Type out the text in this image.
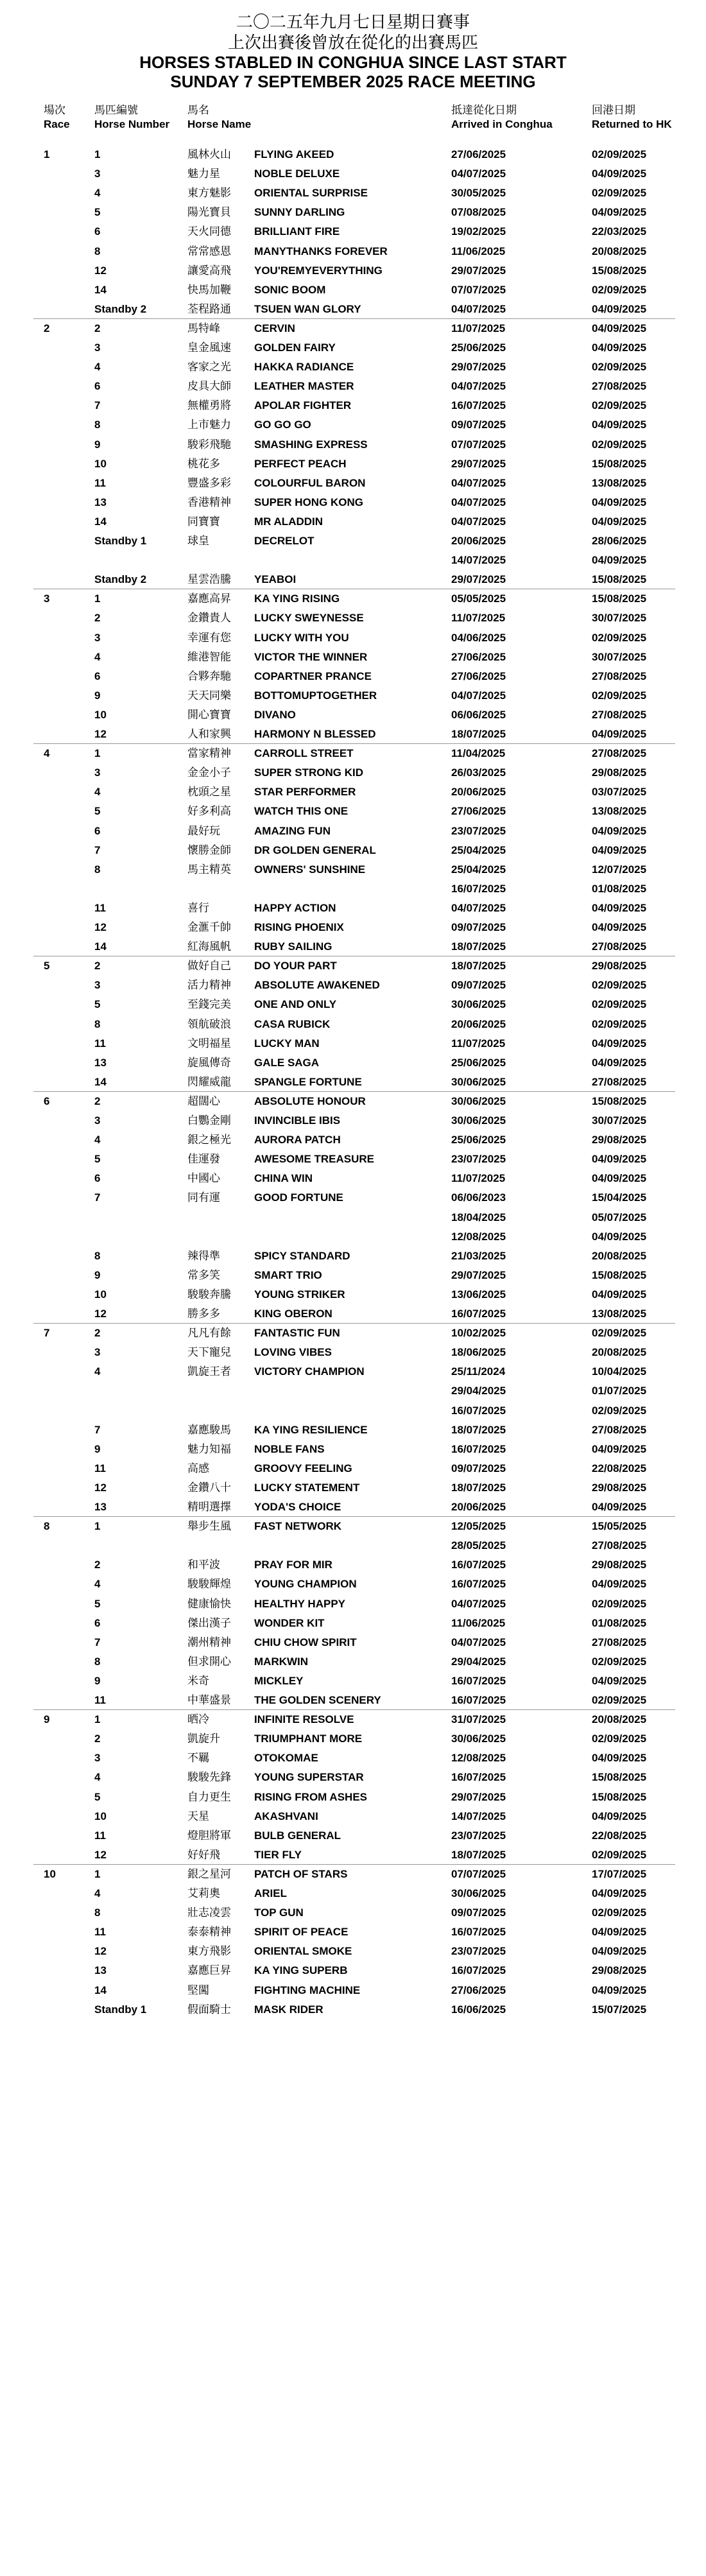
二〇二五年九月七日星期日賽事
上次出賽後曾放在從化的出賽馬匹
HORSES STABLED IN CONGHUA SINCE LAST START
SUNDAY 7 SEPTEMBER 2025 RACE MEETING
場次
Race
馬匹編號
Horse Number
馬名
Horse Name
抵達從化日期
Arrived in Conghua
回港日期
Returned to HK
1	1	風林火山 FLYING AKEED	27/06/2025	02/09/2025
3	魅力星	NOBLE DELUXE	04/07/2025	04/09/2025
4	東方魅影 ORIENTAL SURPRISE	30/05/2025	02/09/2025
5	陽光寶貝 SUNNY DARLING	07/08/2025	04/09/2025
6	天火同德 BRILLIANT FIRE	19/02/2025	22/03/2025
8	常常感恩 MANYTHANKS FOREVER	11/06/2025	20/08/2025
12	讓愛高飛 YOU'REMYEVERYTHING	29/07/2025	15/08/2025
14	快馬加鞭 SONIC BOOM	07/07/2025	02/09/2025
Standby 2	荃程路通 TSUEN WAN GLORY	04/07/2025	04/09/2025
2	2	馬特峰	CERVIN	11/07/2025	04/09/2025
3	皇金風速 GOLDEN FAIRY	25/06/2025	04/09/2025
4	客家之光 HAKKA RADIANCE	29/07/2025	02/09/2025
6	皮具大師 LEATHER MASTER	04/07/2025	27/08/2025
7	無權勇將 APOLAR FIGHTER	16/07/2025	02/09/2025
8	上市魅力 GO GO GO	09/07/2025	04/09/2025
9	駿彩飛馳 SMASHING EXPRESS	07/07/2025	02/09/2025
10	桃花多	PERFECT PEACH	29/07/2025	15/08/2025
11	豐盛多彩 COLOURFUL BARON	04/07/2025	13/08/2025
13	香港精神 SUPER HONG KONG	04/07/2025	04/09/2025
14	同寶寶	MR ALADDIN	04/07/2025	04/09/2025
Standby 1	球皇	DECRELOT	20/06/2025	28/06/2025
14/07/2025	04/09/2025
Standby 2	星雲浩騰 YEABOI	29/07/2025	15/08/2025
3	1	嘉應高昇 KA YING RISING	05/05/2025	15/08/2025
2	金鑽貴人 LUCKY SWEYNESSE	11/07/2025	30/07/2025
3	幸運有您 LUCKY WITH YOU	04/06/2025	02/09/2025
4	維港智能 VICTOR THE WINNER	27/06/2025	30/07/2025
6	合夥奔馳 COPARTNER PRANCE	27/06/2025	27/08/2025
9	天天同樂 BOTTOMUPTOGETHER	04/07/2025	02/09/2025
10	開心寶寶 DIVANO	06/06/2025	27/08/2025
12	人和家興 HARMONY N BLESSED	18/07/2025	04/09/2025
4	1	當家精神 CARROLL STREET	11/04/2025	27/08/2025
3	金金小子 SUPER STRONG KID	26/03/2025	29/08/2025
4	枕頭之星 STAR PERFORMER	20/06/2025	03/07/2025
5	好多利高 WATCH THIS ONE	27/06/2025	13/08/2025
6	最好玩	AMAZING FUN	23/07/2025	04/09/2025
7	懷勝金師 DR GOLDEN GENERAL	25/04/2025	04/09/2025
8	馬主精英 OWNERS' SUNSHINE	25/04/2025	12/07/2025
16/07/2025	01/08/2025
11	喜行	HAPPY ACTION	04/07/2025	04/09/2025
12	金滙千帥 RISING PHOENIX	09/07/2025	04/09/2025
14	紅海風帆 RUBY SAILING	18/07/2025	27/08/2025
5	2	做好自己 DO YOUR PART	18/07/2025	29/08/2025
3	活力精神 ABSOLUTE AWAKENED	09/07/2025	02/09/2025
5	至錢完美 ONE AND ONLY	30/06/2025	02/09/2025
8	領航破浪 CASA RUBICK	20/06/2025	02/09/2025
11	文明福星 LUCKY MAN	11/07/2025	04/09/2025
13	旋風傳奇 GALE SAGA	25/06/2025	04/09/2025
14	閃耀威龍 SPANGLE FORTUNE	30/06/2025	27/08/2025
6	2	超闊心	ABSOLUTE HONOUR	30/06/2025	15/08/2025
3	白鸚金剛 INVINCIBLE IBIS	30/06/2025	30/07/2025
4	銀之極光 AURORA PATCH	25/06/2025	29/08/2025
5	佳運發	AWESOME TREASURE	23/07/2025	04/09/2025
6	中國心	CHINA WIN	11/07/2025	04/09/2025
7	同有運	GOOD FORTUNE	06/06/2023	15/04/2025
18/04/2025	05/07/2025
12/08/2025	04/09/2025
8	辣得準	SPICY STANDARD	21/03/2025	20/08/2025
9	常多笑	SMART TRIO	29/07/2025	15/08/2025
10	駿駿奔騰 YOUNG STRIKER	13/06/2025	04/09/2025
12	勝多多	KING OBERON	16/07/2025	13/08/2025
7	2	凡凡有餘 FANTASTIC FUN	10/02/2025	02/09/2025
3	天下寵兒 LOVING VIBES	18/06/2025	20/08/2025
4	凱旋王者 VICTORY CHAMPION	25/11/2024	10/04/2025
29/04/2025	01/07/2025
16/07/2025	02/09/2025
7	嘉應駿馬 KA YING RESILIENCE	18/07/2025	27/08/2025
9	魅力知福 NOBLE FANS	16/07/2025	04/09/2025
11	高感	GROOVY FEELING	09/07/2025	22/08/2025
12	金鑽八十 LUCKY STATEMENT	18/07/2025	29/08/2025
13	精明選擇 YODA'S CHOICE	20/06/2025	04/09/2025
8	1	舉步生風 FAST NETWORK	12/05/2025	15/05/2025
28/05/2025	27/08/2025
2	和平波	PRAY FOR MIR	16/07/2025	29/08/2025
4	駿駿輝煌 YOUNG CHAMPION	16/07/2025	04/09/2025
5	健康愉快 HEALTHY HAPPY	04/07/2025	02/09/2025
6	傑出漢子 WONDER KIT	11/06/2025	01/08/2025
7	潮州精神 CHIU CHOW SPIRIT	04/07/2025	27/08/2025
8	但求開心 MARKWIN	29/04/2025	02/09/2025
9	米奇	MICKLEY	16/07/2025	04/09/2025
11	中華盛景 THE GOLDEN SCENERY	16/07/2025	02/09/2025
9	1	晒冷	INFINITE RESOLVE	31/07/2025	20/08/2025
2	凱旋升	TRIUMPHANT MORE	30/06/2025	02/09/2025
3	不羈	OTOKOMAE	12/08/2025	04/09/2025
4	駿駿先鋒 YOUNG SUPERSTAR	16/07/2025	15/08/2025
5	自力更生 RISING FROM ASHES	29/07/2025	15/08/2025
10	天星	AKASHVANI	14/07/2025	04/09/2025
11	燈胆將軍 BULB GENERAL	23/07/2025	22/08/2025
12	好好飛	TIER FLY	18/07/2025	02/09/2025
10	1	銀之星河 PATCH OF STARS	07/07/2025	17/07/2025
4	艾莉奧	ARIEL	30/06/2025	04/09/2025
8	壯志凌雲 TOP GUN	09/07/2025	02/09/2025
11	泰泰精神 SPIRIT OF PEACE	16/07/2025	04/09/2025
12	東方飛影 ORIENTAL SMOKE	23/07/2025	04/09/2025
13	嘉應巨昇 KA YING SUPERB	16/07/2025	29/08/2025
14	堅闖	FIGHTING MACHINE	27/06/2025	04/09/2025
Standby 1	假面騎士 MASK RIDER	16/06/2025	15/07/2025
